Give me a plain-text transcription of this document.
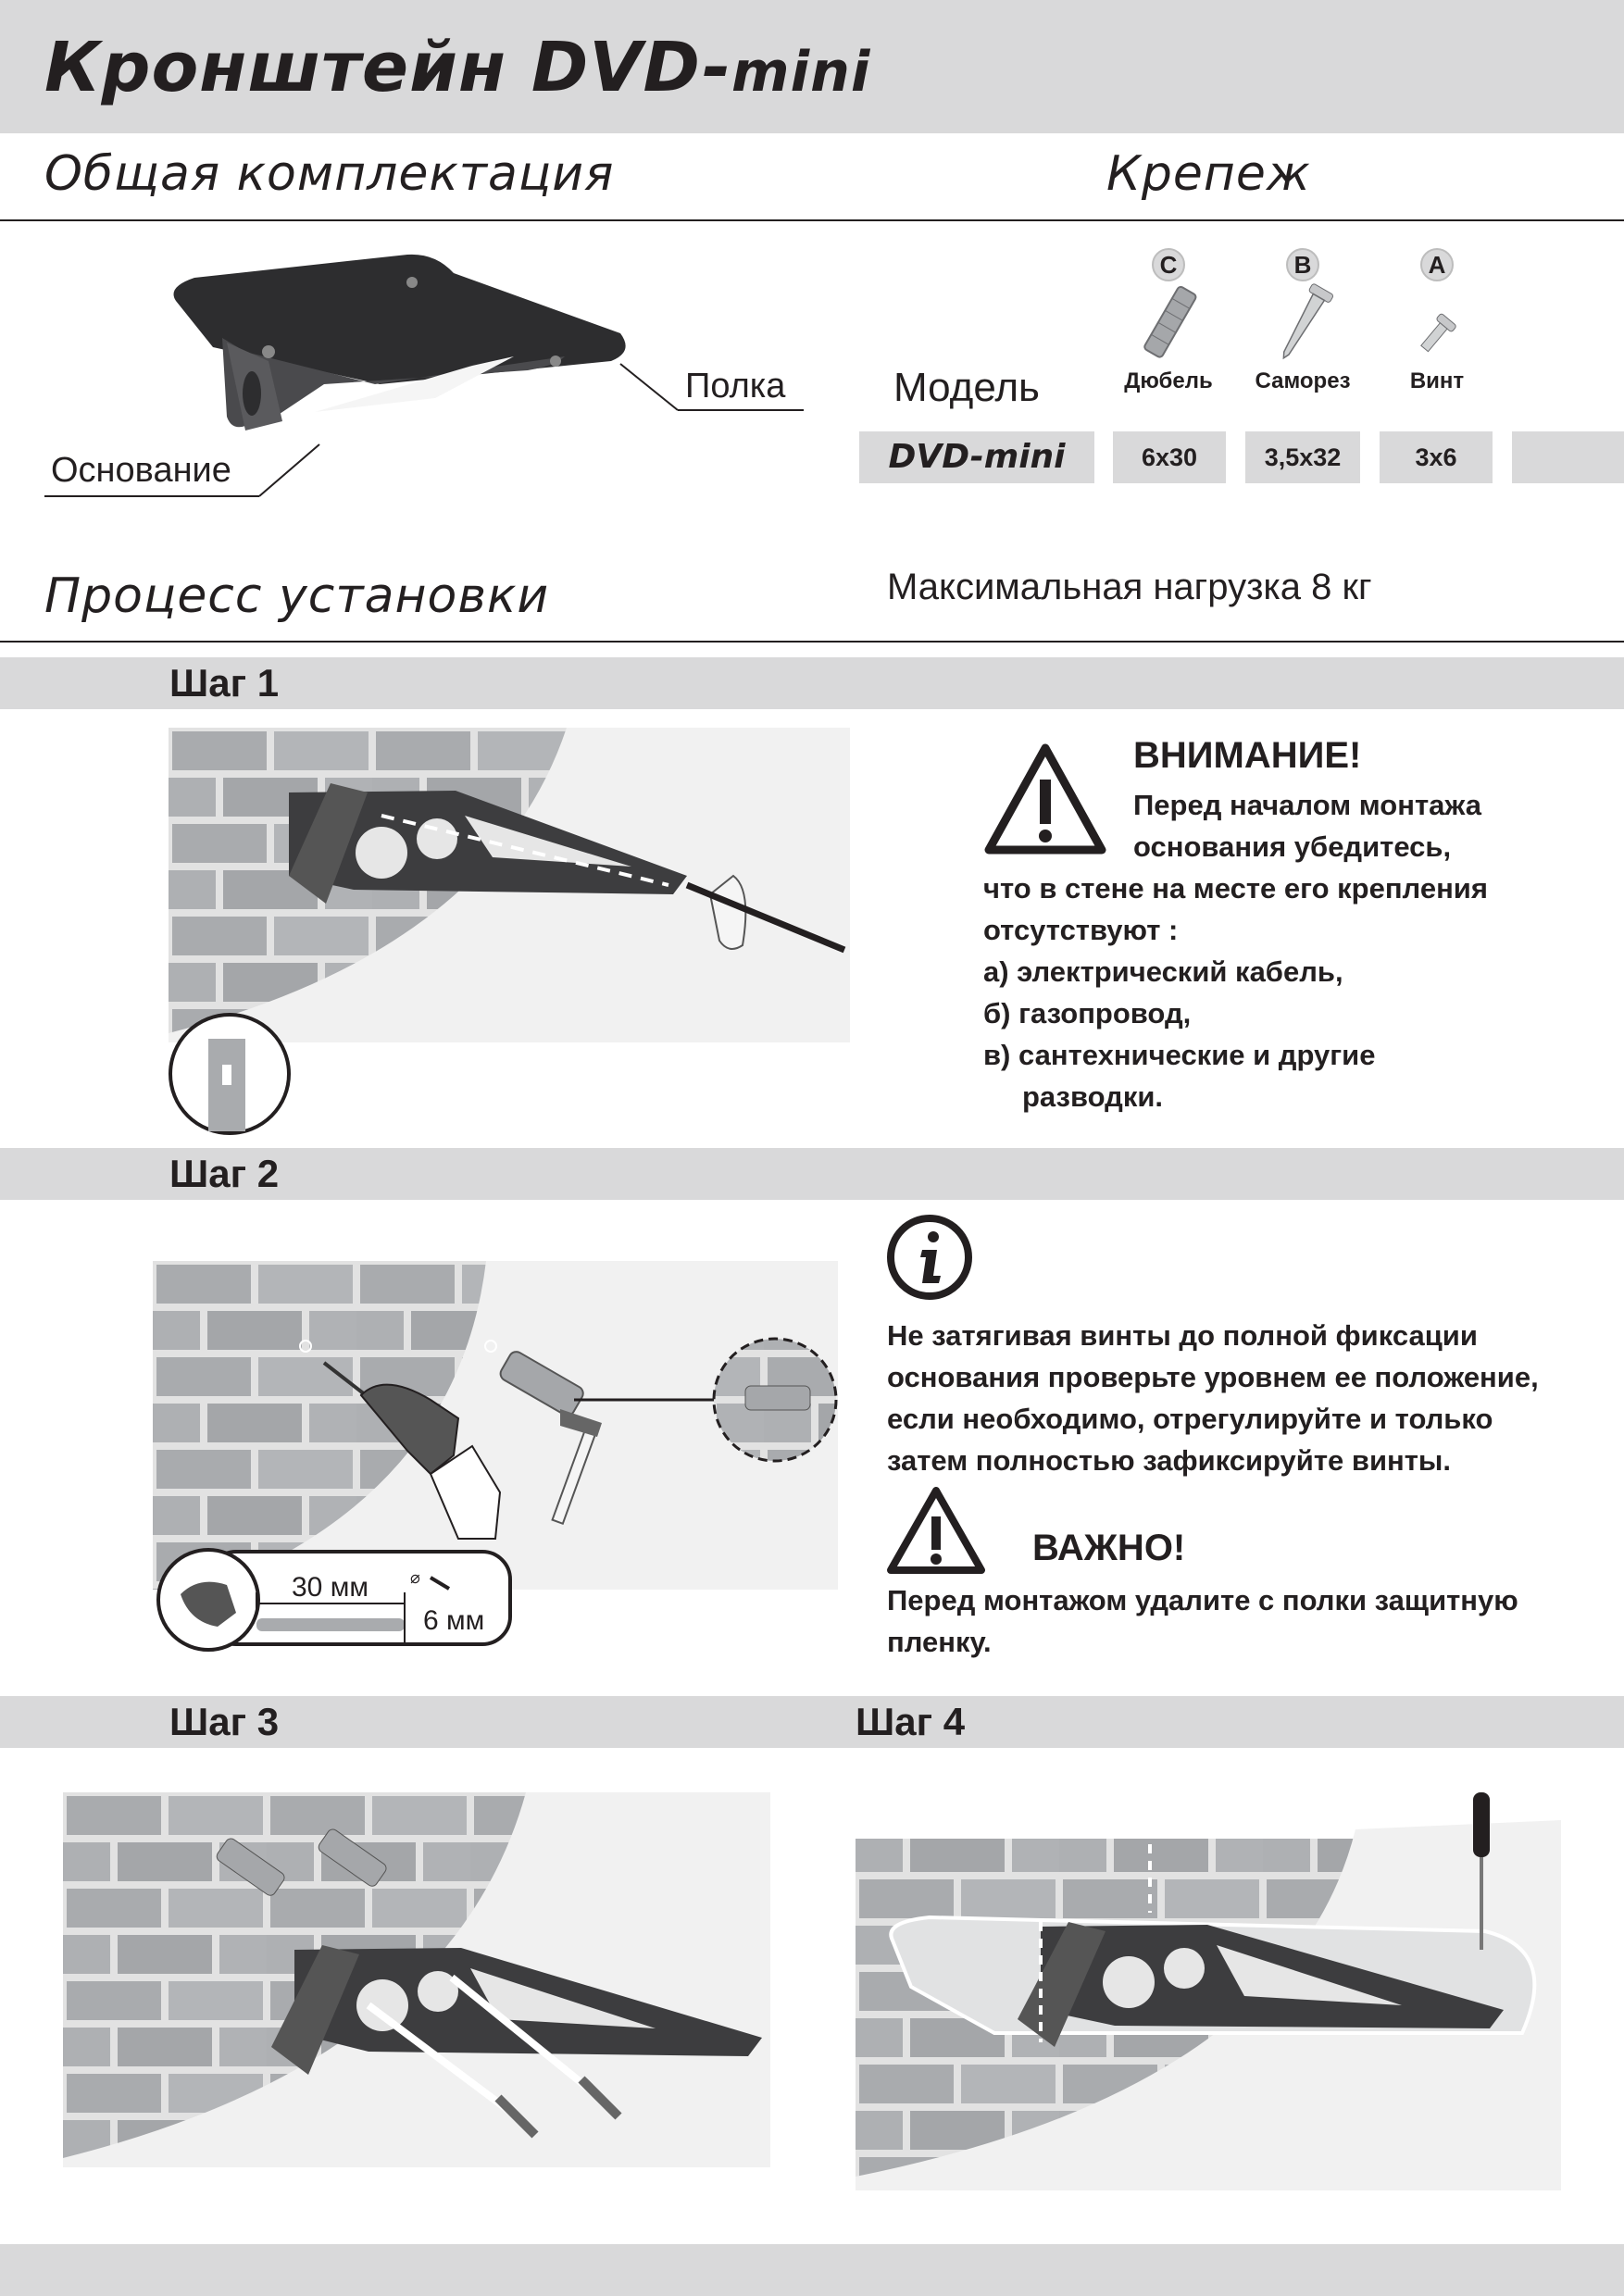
Кронштейн DVD-mini
Общая комплектация	Крепеж
Основание
Полка	Модель
C
Дюбель
B
Саморез
A
Винт
DVD-mini	6x30	3,5x32	3x6
Процесс установки	Максимальная нагрузка 8 кг
Шаг 1
ВНИМАНИЕ!
Перед началом монтажа
основания убедитесь,
что в стене на месте его крепления
отсутствуют :
а) электрический кабель,
б) газопровод,
в) сантехнические и другие
разводки.
Шаг 2
30 мм	⌀
6 мм
Не затягивая винты до полной фиксации
основания проверьте уровнем ее положение,
если необходимо, отрегулируйте и только
затем полностью зафиксируйте винты.
ВАЖНО!
Перед монтажом удалите с полки защитную
пленку.
Шаг 3	Шаг 4
